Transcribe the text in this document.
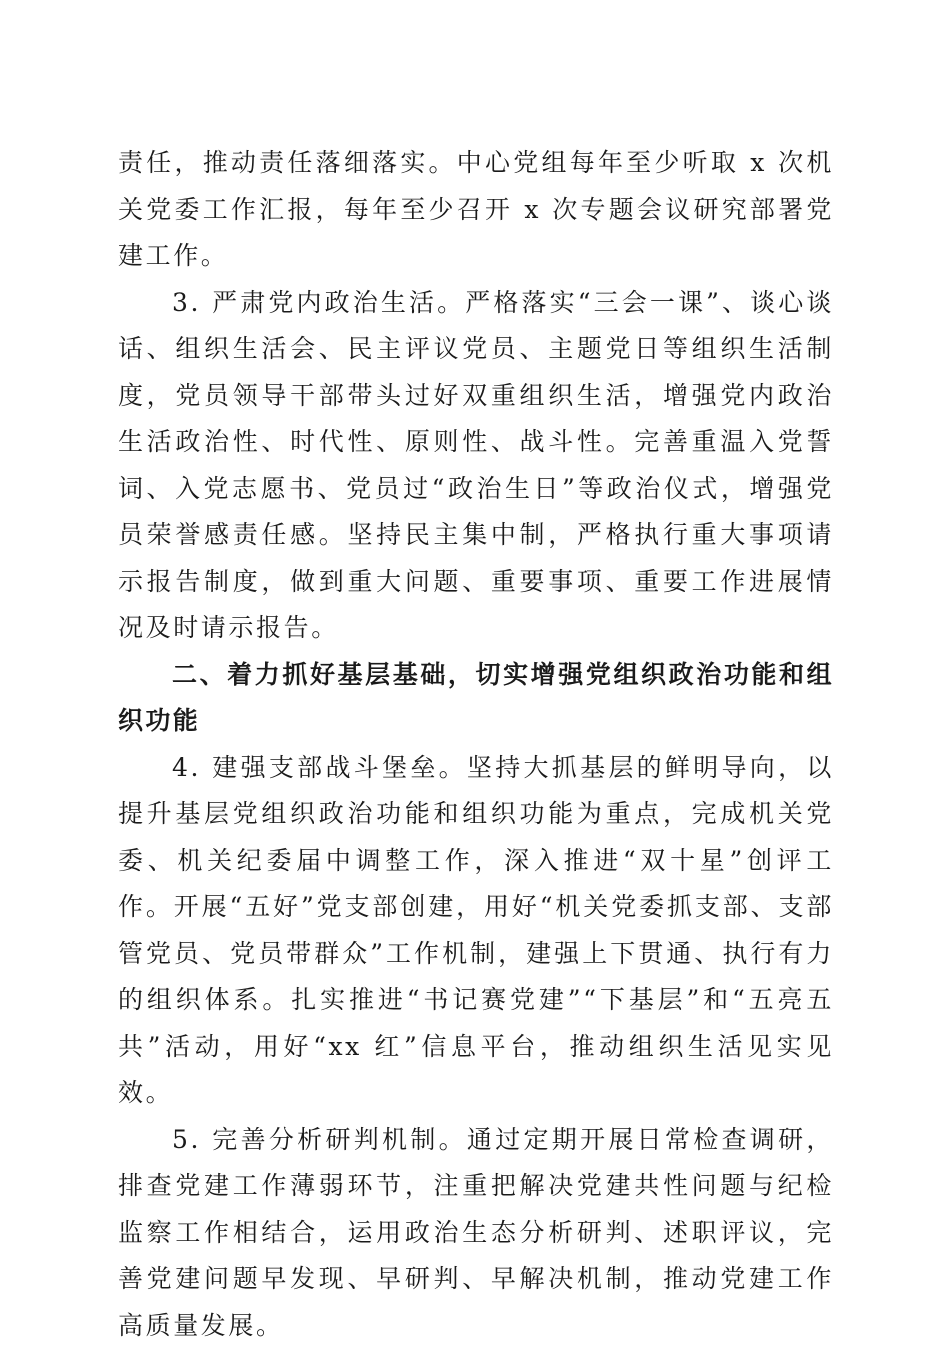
责任，推动责任落细落实。中心党组每年至少听取 x 次机关党委工作汇报，每年至少召开 x 次专题会议研究部署党建工作。

3. 严肃党内政治生活。严格落实“三会一课”、谈心谈话、组织生活会、民主评议党员、主题党日等组织生活制度，党员领导干部带头过好双重组织生活，增强党内政治生活政治性、时代性、原则性、战斗性。完善重温入党誓词、入党志愿书、党员过“政治生日”等政治仪式，增强党员荣誉感责任感。坚持民主集中制，严格执行重大事项请示报告制度，做到重大问题、重要事项、重要工作进展情况及时请示报告。

二、着力抓好基层基础，切实增强党组织政治功能和组织功能

4. 建强支部战斗堡垒。坚持大抓基层的鲜明导向，以提升基层党组织政治功能和组织功能为重点，完成机关党委、机关纪委届中调整工作，深入推进“双十星”创评工作。开展“五好”党支部创建，用好“机关党委抓支部、支部管党员、党员带群众”工作机制，建强上下贯通、执行有力的组织体系。扎实推进“书记赛党建”“下基层”和“五亮五共”活动，用好“xx 红”信息平台，推动组织生活见实见效。

5. 完善分析研判机制。通过定期开展日常检查调研，排查党建工作薄弱环节，注重把解决党建共性问题与纪检监察工作相结合，运用政治生态分析研判、述职评议，完善党建问题早发现、早研判、早解决机制，推动党建工作高质量发展。
